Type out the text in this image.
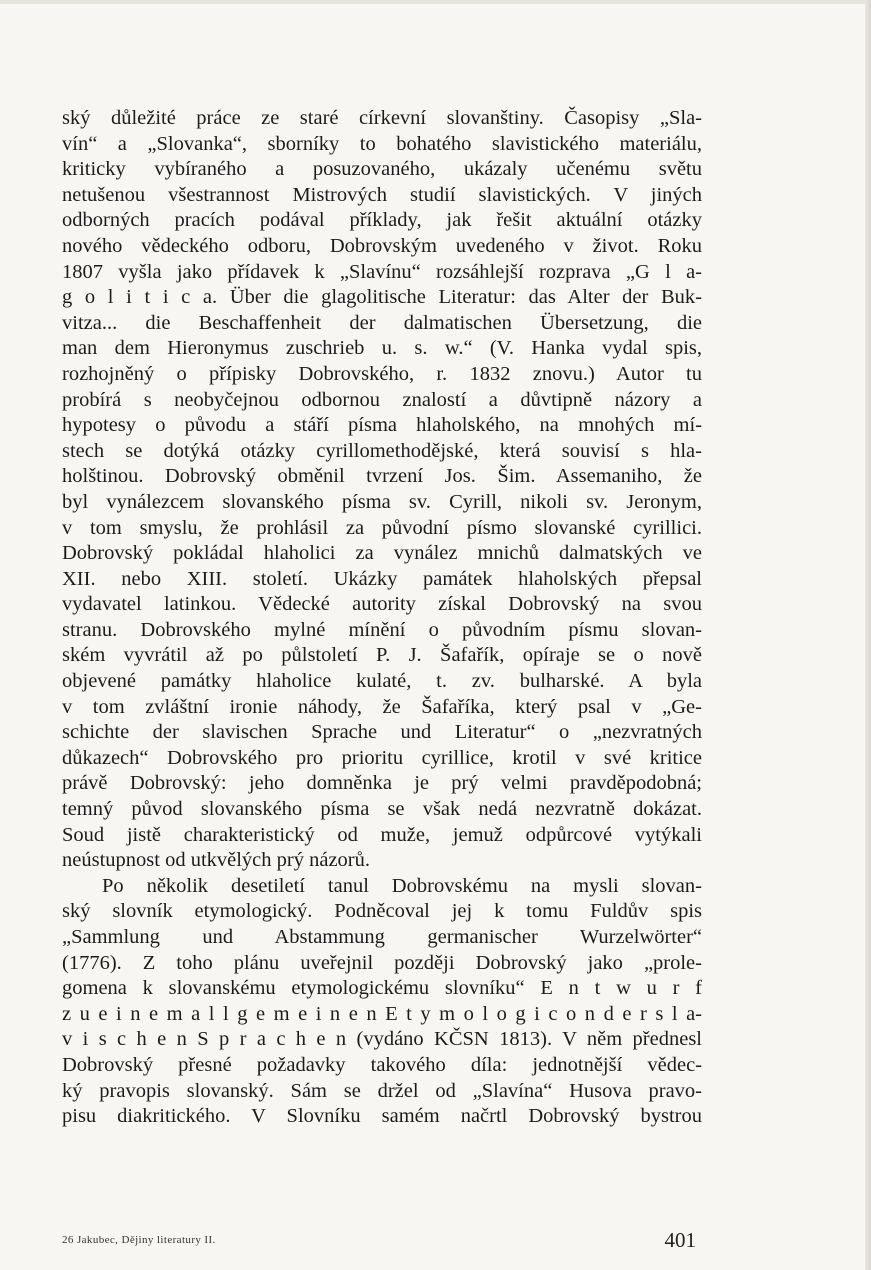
ský důležité práce ze staré církevní slovanštiny. Časopisy „Sla-
vín“ a „Slovanka“, sborníky to bohatého slavistického materiálu,
kriticky vybíraného a posuzovaného, ukázaly učenému světu
netušenou všestrannost Mistrových studií slavistických. V jiných
odborných pracích podával příklady, jak řešit aktuální otázky
nového vědeckého odboru, Dobrovským uvedeného v život. Roku
1807 vyšla jako přídavek k „Slavínu“ rozsáhlejší rozprava „G l a-
g o l i t i c a. Über die glagolitische Literatur: das Alter der Buk-
vitza... die Beschaffenheit der dalmatischen Übersetzung, die
man dem Hieronymus zuschrieb u. s. w.“ (V. Hanka vydal spis,
rozhojněný o přípisky Dobrovského, r. 1832 znovu.) Autor tu
probírá s neobyčejnou odbornou znalostí a důvtipně názory a
hypotesy o původu a stáří písma hlaholského, na mnohých mí-
stech se dotýká otázky cyrillomethodějské, která souvisí s hla-
holštinou. Dobrovský obměnil tvrzení Jos. Šim. Assemaniho, že
byl vynálezcem slovanského písma sv. Cyrill, nikoli sv. Jeronym,
v tom smyslu, že prohlásil za původní písmo slovanské cyrillici.
Dobrovský pokládal hlaholici za vynález mnichů dalmatských ve
XII. nebo XIII. století. Ukázky památek hlaholských přepsal
vydavatel latinkou. Vědecké autority získal Dobrovský na svou
stranu. Dobrovského mylné mínění o původním písmu slovan-
ském vyvrátil až po půlstoletí P. J. Šafařík, opíraje se o nově
objevené památky hlaholice kulaté, t. zv. bulharské. A byla
v tom zvláštní ironie náhody, že Šafaříka, který psal v „Ge-
schichte der slavischen Sprache und Literatur“ o „nezvratných
důkazech“ Dobrovského pro prioritu cyrillice, krotil v své kritice
právě Dobrovský: jeho domněnka je prý velmi pravděpodobná;
temný původ slovanského písma se však nedá nezvratně dokázat.
Soud jistě charakteristický od muže, jemuž odpůrcové vytýkali
neústupnost od utkvělých prý názorů.
Po několik desetiletí tanul Dobrovskému na mysli slovan-
ský slovník etymologický. Podněcoval jej k tomu Fuldův spis
„Sammlung und Abstammung germanischer Wurzelwörter“
(1776). Z toho plánu uveřejnil později Dobrovský jako „prole-
gomena k slovanskému etymologickému slovníku“ E n t w u r f
z u e i n e m a l l g e m e i n e n E t y m o l o g i c o n d e r s l a-
v i s c h e n S p r a c h e n (vydáno KČSN 1813). V něm přednesl
Dobrovský přesné požadavky takového díla: jednotnější vědec-
ký pravopis slovanský. Sám se držel od „Slavína“ Husova pravo-
pisu diakritického. V Slovníku samém načrtl Dobrovský bystrou
26 Jakubec, Dějiny literatury II.	401
